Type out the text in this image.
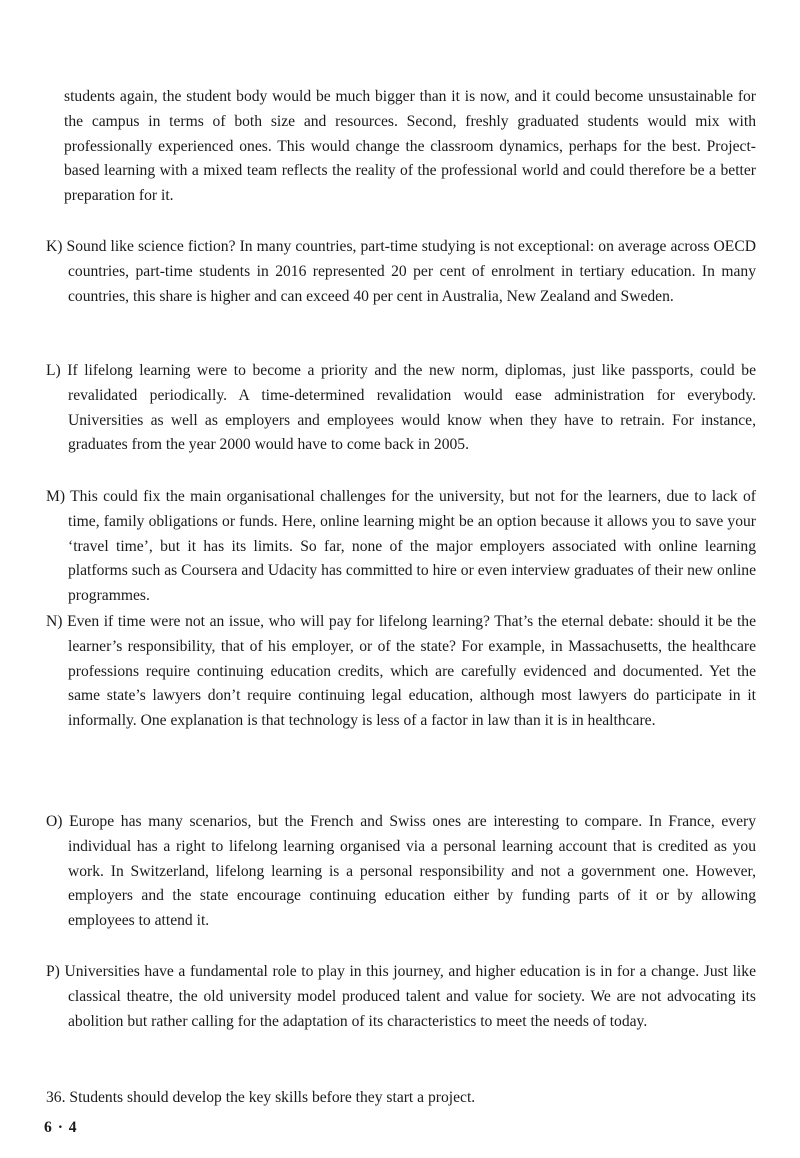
students again, the student body would be much bigger than it is now, and it could become unsustainable for the campus in terms of both size and resources. Second, freshly graduated students would mix with professionally experienced ones. This would change the classroom dynamics, perhaps for the best. Project-based learning with a mixed team reflects the reality of the professional world and could therefore be a better preparation for it.
K) Sound like science fiction? In many countries, part-time studying is not exceptional: on average across OECD countries, part-time students in 2016 represented 20 per cent of enrolment in tertiary education. In many countries, this share is higher and can exceed 40 per cent in Australia, New Zealand and Sweden.
L) If lifelong learning were to become a priority and the new norm, diplomas, just like passports, could be revalidated periodically. A time-determined revalidation would ease administration for everybody. Universities as well as employers and employees would know when they have to retrain. For instance, graduates from the year 2000 would have to come back in 2005.
M) This could fix the main organisational challenges for the university, but not for the learners, due to lack of time, family obligations or funds. Here, online learning might be an option because it allows you to save your ‘travel time’, but it has its limits. So far, none of the major employers associated with online learning platforms such as Coursera and Udacity has committed to hire or even interview graduates of their new online programmes.
N) Even if time were not an issue, who will pay for lifelong learning? That’s the eternal debate: should it be the learner’s responsibility, that of his employer, or of the state? For example, in Massachusetts, the healthcare professions require continuing education credits, which are carefully evidenced and documented. Yet the same state’s lawyers don’t require continuing legal education, although most lawyers do participate in it informally. One explanation is that technology is less of a factor in law than it is in healthcare.
O) Europe has many scenarios, but the French and Swiss ones are interesting to compare. In France, every individual has a right to lifelong learning organised via a personal learning account that is credited as you work. In Switzerland, lifelong learning is a personal responsibility and not a government one. However, employers and the state encourage continuing education either by funding parts of it or by allowing employees to attend it.
P) Universities have a fundamental role to play in this journey, and higher education is in for a change. Just like classical theatre, the old university model produced talent and value for society. We are not advocating its abolition but rather calling for the adaptation of its characteristics to meet the needs of today.
36. Students should develop the key skills before they start a project.
6 · 4
